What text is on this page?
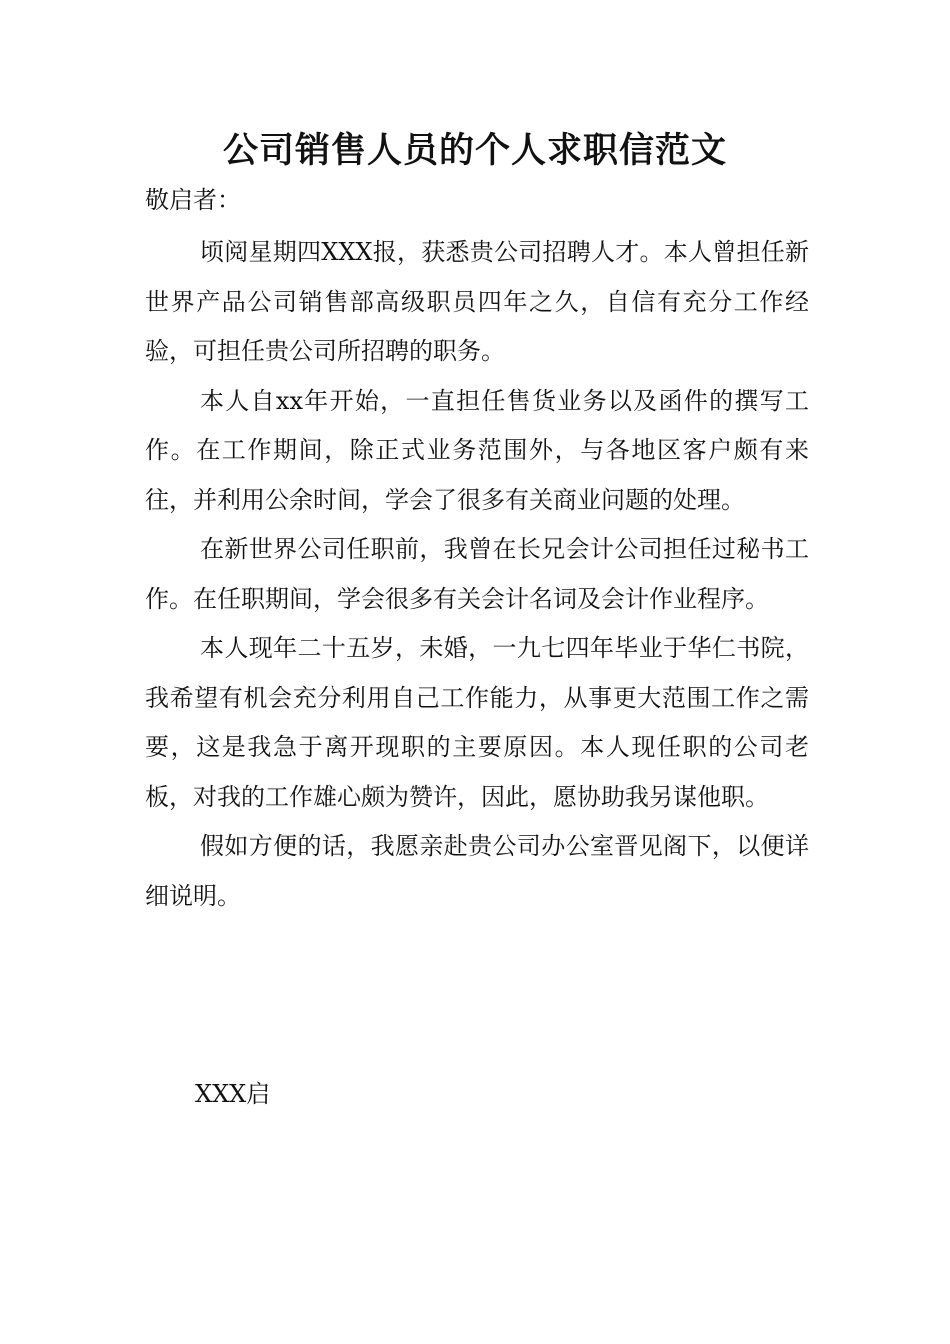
公司销售人员的个人求职信范文

敬启者：

顷阅星期四XXX报，获悉贵公司招聘人才。本人曾担任新世界产品公司销售部高级职员四年之久，自信有充分工作经验，可担任贵公司所招聘的职务。

本人自xx年开始，一直担任售货业务以及函件的撰写工作。在工作期间，除正式业务范围外，与各地区客户颇有来往，并利用公余时间，学会了很多有关商业问题的处理。

在新世界公司任职前，我曾在长兄会计公司担任过秘书工作。在任职期间，学会很多有关会计名词及会计作业程序。

本人现年二十五岁，未婚，一九七四年毕业于华仁书院，我希望有机会充分利用自己工作能力，从事更大范围工作之需要，这是我急于离开现职的主要原因。本人现任职的公司老板，对我的工作雄心颇为赞许，因此，愿协助我另谋他职。

假如方便的话，我愿亲赴贵公司办公室晋见阁下，以便详细说明。

XXX启
